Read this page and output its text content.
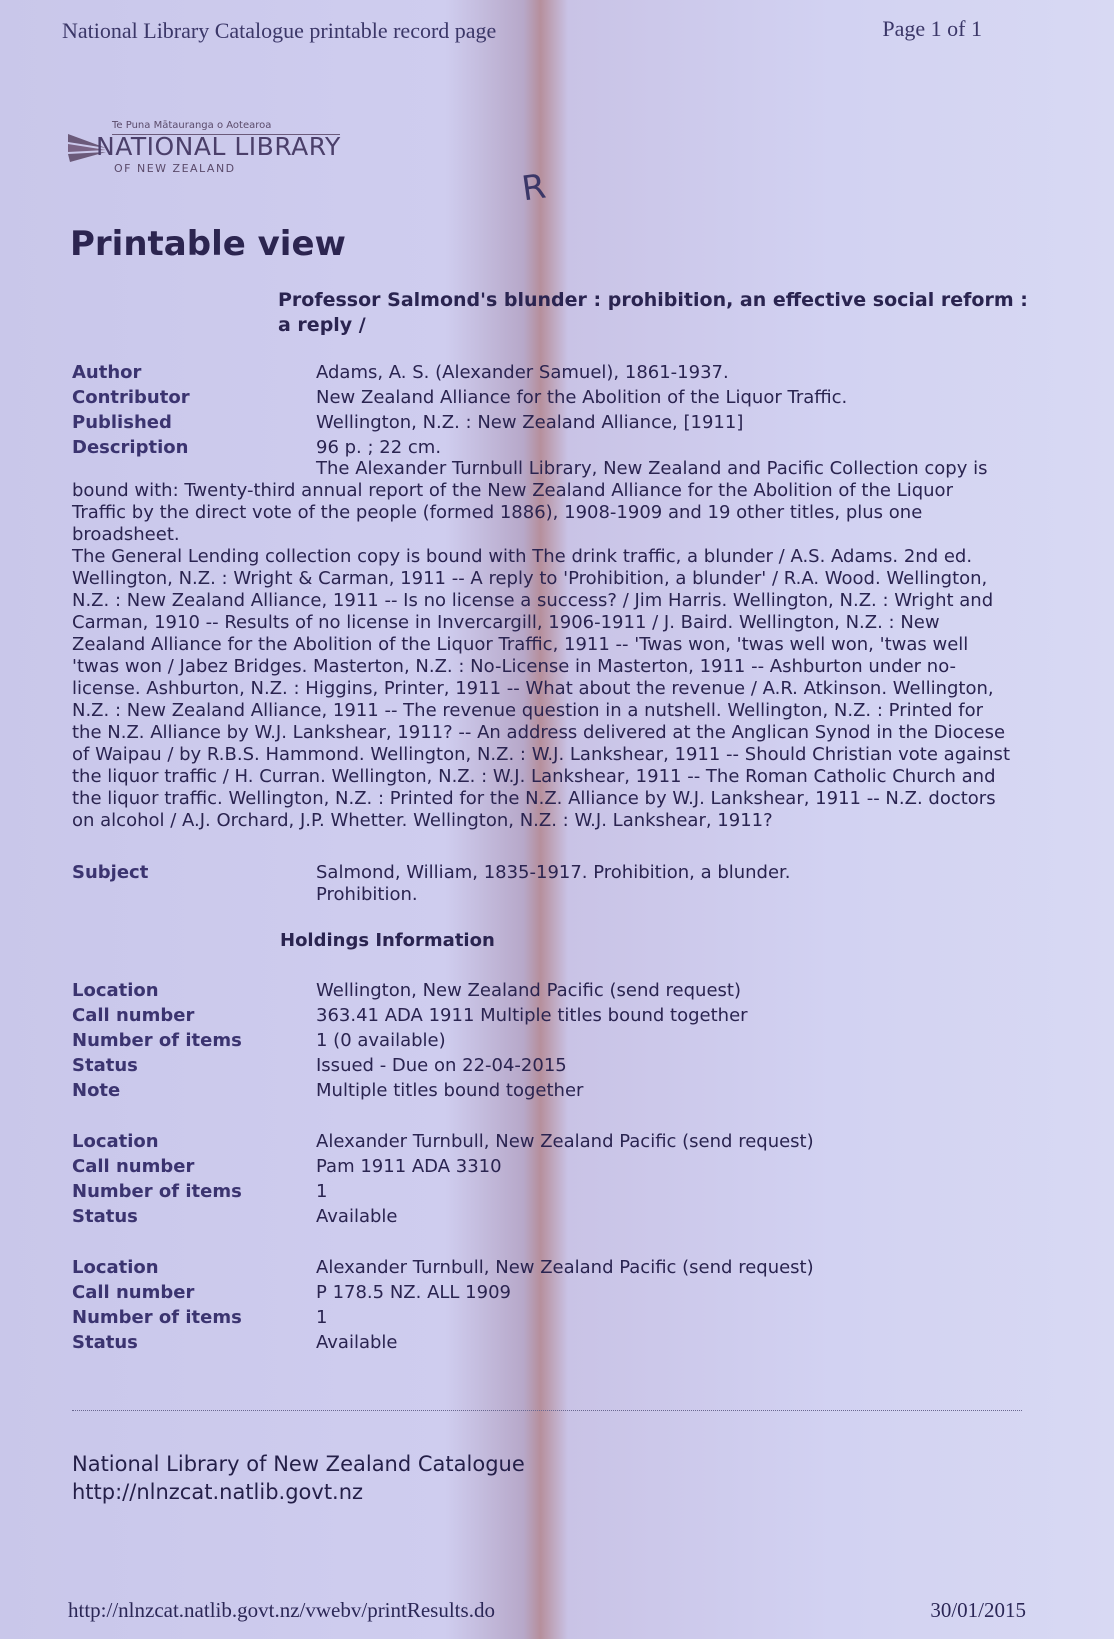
National Library Catalogue printable record page	Page 1 of 1
Te Puna Mātauranga o Aotearoa
NATIONAL LIBRARY
OF NEW ZEALAND	R
Printable view
Professor Salmond's blunder : prohibition, an effective social reform : a reply /
Author	Adams, A. S. (Alexander Samuel), 1861-1937.
Contributor	New Zealand Alliance for the Abolition of the Liquor Traffic.
Published	Wellington, N.Z. : New Zealand Alliance, [1911]
Description	96 p. ; 22 cm.

The Alexander Turnbull Library, New Zealand and Pacific Collection copy is bound with: Twenty-third annual report of the New Zealand Alliance for the Abolition of the Liquor Traffic by the direct vote of the people (formed 1886), 1908-1909 and 19 other titles, plus one broadsheet.

The General Lending collection copy is bound with The drink traffic, a blunder / A.S. Adams. 2nd ed. Wellington, N.Z. : Wright & Carman, 1911 -- A reply to 'Prohibition, a blunder' / R.A. Wood. Wellington, N.Z. : New Zealand Alliance, 1911 -- Is no license a success? / Jim Harris. Wellington, N.Z. : Wright and Carman, 1910 -- Results of no license in Invercargill, 1906-1911 / J. Baird. Wellington, N.Z. : New Zealand Alliance for the Abolition of the Liquor Traffic, 1911 -- 'Twas won, 'twas well won, 'twas well 'twas won / Jabez Bridges. Masterton, N.Z. : No-License in Masterton, 1911 -- Ashburton under no-license. Ashburton, N.Z. : Higgins, Printer, 1911 -- What about the revenue / A.R. Atkinson. Wellington, N.Z. : New Zealand Alliance, 1911 -- The revenue question in a nutshell. Wellington, N.Z. : Printed for the N.Z. Alliance by W.J. Lankshear, 1911? -- An address delivered at the Anglican Synod in the Diocese of Waipau / by R.B.S. Hammond. Wellington, N.Z. : W.J. Lankshear, 1911 -- Should Christian vote against the liquor traffic / H. Curran. Wellington, N.Z. : W.J. Lankshear, 1911 -- The Roman Catholic Church and the liquor traffic. Wellington, N.Z. : Printed for the N.Z. Alliance by W.J. Lankshear, 1911 -- N.Z. doctors on alcohol / A.J. Orchard, J.P. Whetter. Wellington, N.Z. : W.J. Lankshear, 1911?

Subject	Salmond, William, 1835-1917. Prohibition, a blunder.
Prohibition.
Holdings Information
Location	Wellington, New Zealand Pacific (send request)
Call number	363.41 ADA 1911 Multiple titles bound together
Number of items	1 (0 available)
Status	Issued - Due on 22-04-2015
Note	Multiple titles bound together
Location	Alexander Turnbull, New Zealand Pacific (send request)
Call number	Pam 1911 ADA 3310
Number of items	1
Status	Available
Location	Alexander Turnbull, New Zealand Pacific (send request)
Call number	P 178.5 NZ. ALL 1909
Number of items	1
Status	Available
National Library of New Zealand Catalogue
http://nlnzcat.natlib.govt.nz
http://nlnzcat.natlib.govt.nz/vwebv/printResults.do	30/01/2015
